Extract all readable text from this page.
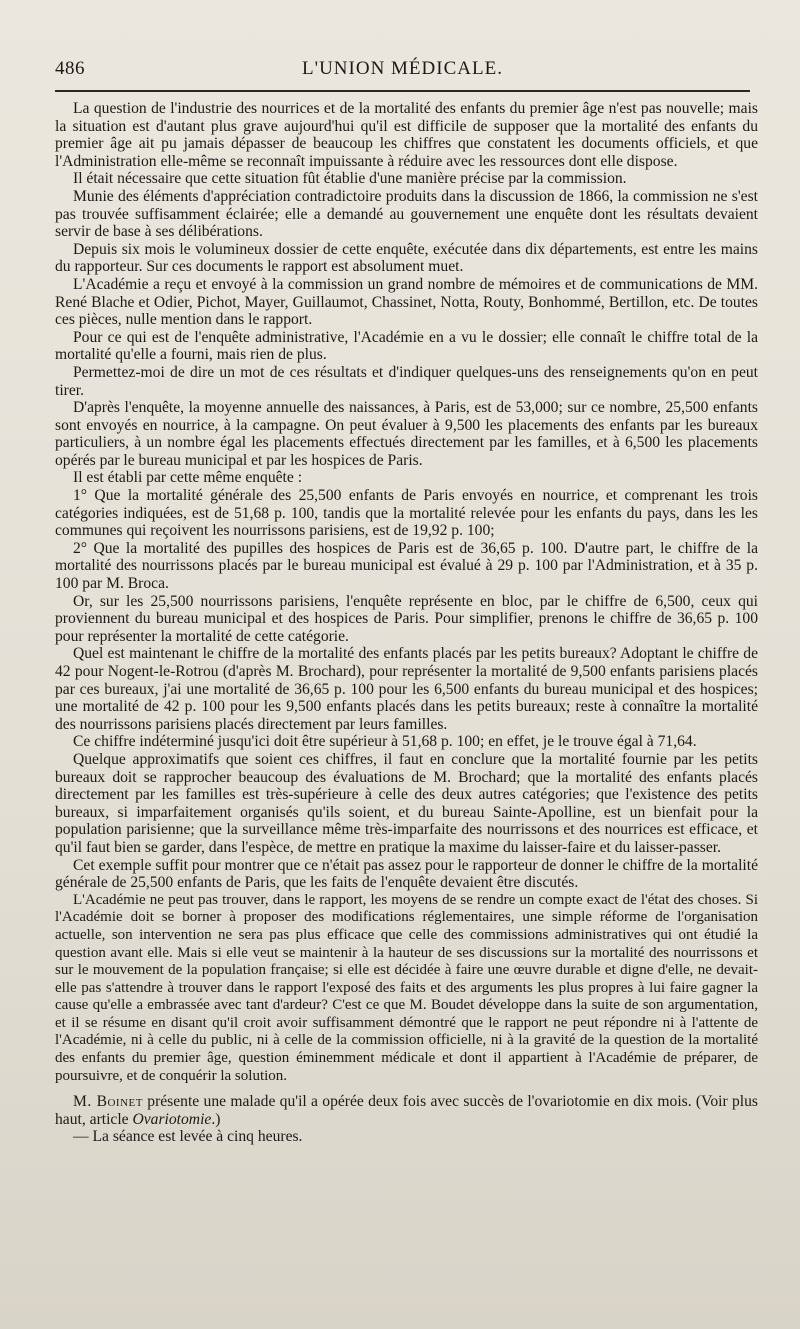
486	L'UNION MÉDICALE.

La question de l'industrie des nourrices et de la mortalité des enfants du premier âge n'est pas nouvelle; mais la situation est d'autant plus grave aujourd'hui qu'il est difficile de supposer que la mortalité des enfants du premier âge ait pu jamais dépasser de beaucoup les chiffres que constatent les documents officiels, et que l'Administration elle-même se reconnaît impuissante à réduire avec les ressources dont elle dispose.

Il était nécessaire que cette situation fût établie d'une manière précise par la commission.

Munie des éléments d'appréciation contradictoire produits dans la discussion de 1866, la commission ne s'est pas trouvée suffisamment éclairée; elle a demandé au gouvernement une enquête dont les résultats devaient servir de base à ses délibérations.

Depuis six mois le volumineux dossier de cette enquête, exécutée dans dix départements, est entre les mains du rapporteur. Sur ces documents le rapport est absolument muet.

L'Académie a reçu et envoyé à la commission un grand nombre de mémoires et de communications de MM. René Blache et Odier, Pichot, Mayer, Guillaumot, Chassinet, Notta, Routy, Bonhommé, Bertillon, etc. De toutes ces pièces, nulle mention dans le rapport.

Pour ce qui est de l'enquête administrative, l'Académie en a vu le dossier; elle connaît le chiffre total de la mortalité qu'elle a fourni, mais rien de plus.

Permettez-moi de dire un mot de ces résultats et d'indiquer quelques-uns des renseignements qu'on en peut tirer.

D'après l'enquête, la moyenne annuelle des naissances, à Paris, est de 53,000; sur ce nombre, 25,500 enfants sont envoyés en nourrice, à la campagne. On peut évaluer à 9,500 les placements des enfants par les bureaux particuliers, à un nombre égal les placements effectués directement par les familles, et à 6,500 les placements opérés par le bureau municipal et par les hospices de Paris.

Il est établi par cette même enquête :

1° Que la mortalité générale des 25,500 enfants de Paris envoyés en nourrice, et comprenant les trois catégories indiquées, est de 51,68 p. 100, tandis que la mortalité relevée pour les enfants du pays, dans les les communes qui reçoivent les nourrissons parisiens, est de 19,92 p. 100;

2° Que la mortalité des pupilles des hospices de Paris est de 36,65 p. 100. D'autre part, le chiffre de la mortalité des nourrissons placés par le bureau municipal est évalué à 29 p. 100 par l'Administration, et à 35 p. 100 par M. Broca.

Or, sur les 25,500 nourrissons parisiens, l'enquête représente en bloc, par le chiffre de 6,500, ceux qui proviennent du bureau municipal et des hospices de Paris. Pour simplifier, prenons le chiffre de 36,65 p. 100 pour représenter la mortalité de cette catégorie.

Quel est maintenant le chiffre de la mortalité des enfants placés par les petits bureaux? Adoptant le chiffre de 42 pour Nogent-le-Rotrou (d'après M. Brochard), pour représenter la mortalité de 9,500 enfants parisiens placés par ces bureaux, j'ai une mortalité de 36,65 p. 100 pour les 6,500 enfants du bureau municipal et des hospices; une mortalité de 42 p. 100 pour les 9,500 enfants placés dans les petits bureaux; reste à connaître la mortalité des nourrissons parisiens placés directement par leurs familles.

Ce chiffre indéterminé jusqu'ici doit être supérieur à 51,68 p. 100; en effet, je le trouve égal à 71,64.

Quelque approximatifs que soient ces chiffres, il faut en conclure que la mortalité fournie par les petits bureaux doit se rapprocher beaucoup des évaluations de M. Brochard; que la mortalité des enfants placés directement par les familles est très-supérieure à celle des deux autres catégories; que l'existence des petits bureaux, si imparfaitement organisés qu'ils soient, et du bureau Sainte-Apolline, est un bienfait pour la population parisienne; que la surveillance même très-imparfaite des nourrissons et des nourrices est efficace, et qu'il faut bien se garder, dans l'espèce, de mettre en pratique la maxime du laisser-faire et du laisser-passer.

Cet exemple suffit pour montrer que ce n'était pas assez pour le rapporteur de donner le chiffre de la mortalité générale de 25,500 enfants de Paris, que les faits de l'enquête devaient être discutés.

L'Académie ne peut pas trouver, dans le rapport, les moyens de se rendre un compte exact de l'état des choses. Si l'Académie doit se borner à proposer des modifications réglementaires, une simple réforme de l'organisation actuelle, son intervention ne sera pas plus efficace que celle des commissions administratives qui ont étudié la question avant elle. Mais si elle veut se maintenir à la hauteur de ses discussions sur la mortalité des nourrissons et sur le mouvement de la population française; si elle est décidée à faire une œuvre durable et digne d'elle, ne devait-elle pas s'attendre à trouver dans le rapport l'exposé des faits et des arguments les plus propres à lui faire gagner la cause qu'elle a embrassée avec tant d'ardeur? C'est ce que M. Boudet développe dans la suite de son argumentation, et il se résume en disant qu'il croit avoir suffisamment démontré que le rapport ne peut répondre ni à l'attente de l'Académie, ni à celle du public, ni à celle de la commission officielle, ni à la gravité de la question de la mortalité des enfants du premier âge, question éminemment médicale et dont il appartient à l'Académie de préparer, de poursuivre, et de conquérir la solution.

M. Boinet présente une malade qu'il a opérée deux fois avec succès de l'ovariotomie en dix mois. (Voir plus haut, article Ovariotomie.)

— La séance est levée à cinq heures.
